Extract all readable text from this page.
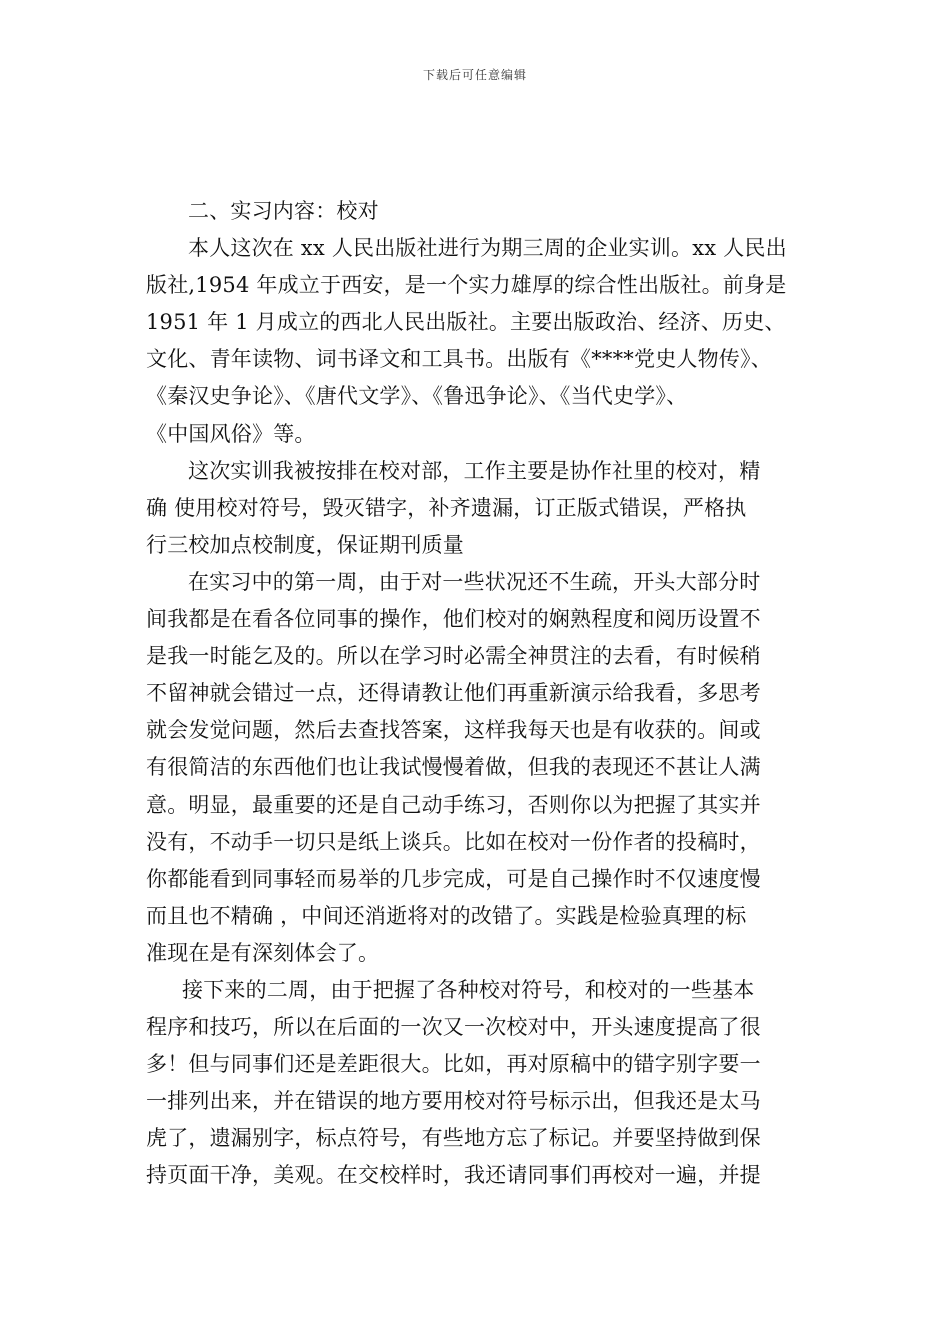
下载后可任意编辑
二、实习内容：校对
本人这次在 xx 人民出版社进行为期三周的企业实训。xx 人民出
版社,1954 年成立于西安，是一个实力雄厚的综合性出版社。前身是
1951 年 1 月成立的西北人民出版社。主要出版政治、经济、历史、
文化、青年读物、词书译文和工具书。出版有《****党史人物传》、
《秦汉史争论》、《唐代文学》、《鲁迅争论》、《当代史学》、
《中国风俗》等。
这次实训我被按排在校对部，工作主要是协作社里的校对，精
确 使用校对符号，毁灭错字，补齐遗漏，订正版式错误，严格执
行三校加点校制度，保证期刊质量
在实习中的第一周，由于对一些状况还不生疏，开头大部分时
间我都是在看各位同事的操作，他们校对的娴熟程度和阅历设置不
是我一时能乞及的。所以在学习时必需全神贯注的去看，有时候稍
不留神就会错过一点，还得请教让他们再重新演示给我看，多思考
就会发觉问题，然后去查找答案，这样我每天也是有收获的。间或
有很简洁的东西他们也让我试慢慢着做，但我的表现还不甚让人满
意。明显，最重要的还是自己动手练习，否则你以为把握了其实并
没有，不动手一切只是纸上谈兵。比如在校对一份作者的投稿时，
你都能看到同事轻而易举的几步完成，可是自己操作时不仅速度慢
而且也不精确 ，中间还消逝将对的改错了。实践是检验真理的标
准现在是有深刻体会了。
接下来的二周，由于把握了各种校对符号，和校对的一些基本
程序和技巧，所以在后面的一次又一次校对中，开头速度提高了很
多！但与同事们还是差距很大。比如，再对原稿中的错字别字要一
一排列出来，并在错误的地方要用校对符号标示出，但我还是太马
虎了，遗漏别字，标点符号，有些地方忘了标记。并要坚持做到保
持页面干净，美观。在交校样时，我还请同事们再校对一遍，并提
